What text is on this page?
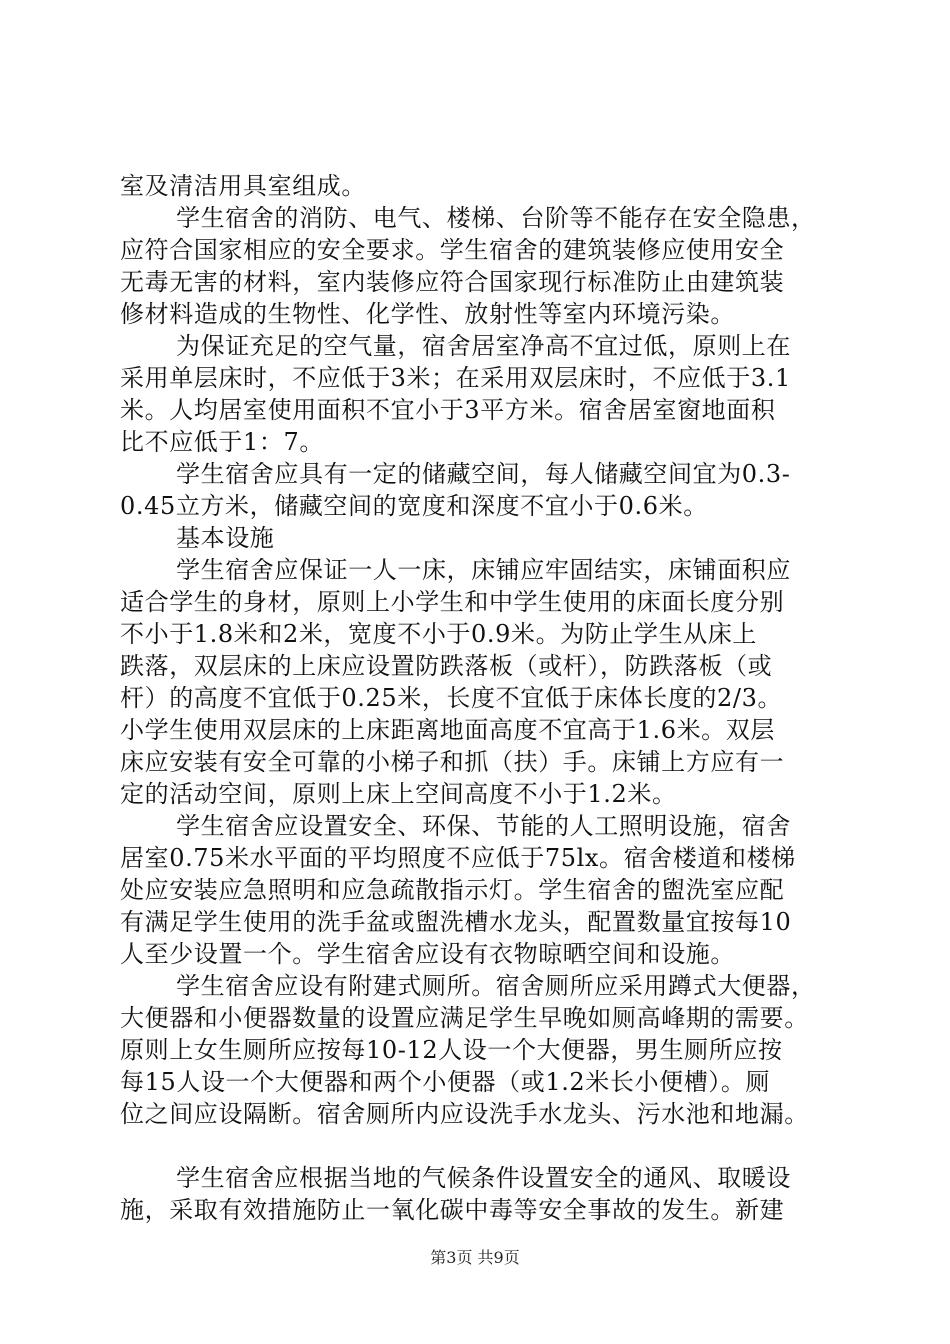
室及清洁用具室组成。
学生宿舍的消防、电气、楼梯、台阶等不能存在安全隐患，
应符合国家相应的安全要求。学生宿舍的建筑装修应使用安全
无毒无害的材料，室内装修应符合国家现行标准防止由建筑装
修材料造成的生物性、化学性、放射性等室内环境污染。
为保证充足的空气量，宿舍居室净高不宜过低，原则上在
采用单层床时，不应低于3米；在采用双层床时，不应低于3.1
米。人均居室使用面积不宜小于3平方米。宿舍居室窗地面积
比不应低于1：7。
学生宿舍应具有一定的储藏空间，每人储藏空间宜为0.3-
0.45立方米，储藏空间的宽度和深度不宜小于0.6米。
基本设施
学生宿舍应保证一人一床，床铺应牢固结实，床铺面积应
适合学生的身材，原则上小学生和中学生使用的床面长度分别
不小于1.8米和2米，宽度不小于0.9米。为防止学生从床上
跌落，双层床的上床应设置防跌落板（或杆），防跌落板（或
杆）的高度不宜低于0.25米，长度不宜低于床体长度的2/3。
小学生使用双层床的上床距离地面高度不宜高于1.6米。双层
床应安装有安全可靠的小梯子和抓（扶）手。床铺上方应有一
定的活动空间，原则上床上空间高度不小于1.2米。
学生宿舍应设置安全、环保、节能的人工照明设施，宿舍
居室0.75米水平面的平均照度不应低于75lx。宿舍楼道和楼梯
处应安装应急照明和应急疏散指示灯。学生宿舍的盥洗室应配
有满足学生使用的洗手盆或盥洗槽水龙头，配置数量宜按每10
人至少设置一个。学生宿舍应设有衣物晾晒空间和设施。
学生宿舍应设有附建式厕所。宿舍厕所应采用蹲式大便器，
大便器和小便器数量的设置应满足学生早晚如厕高峰期的需要。
原则上女生厕所应按每10-12人设一个大便器，男生厕所应按
每15人设一个大便器和两个小便器（或1.2米长小便槽）。厕
位之间应设隔断。宿舍厕所内应设洗手水龙头、污水池和地漏。
学生宿舍应根据当地的气候条件设置安全的通风、取暖设
施，采取有效措施防止一氧化碳中毒等安全事故的发生。新建
第3页 共9页
